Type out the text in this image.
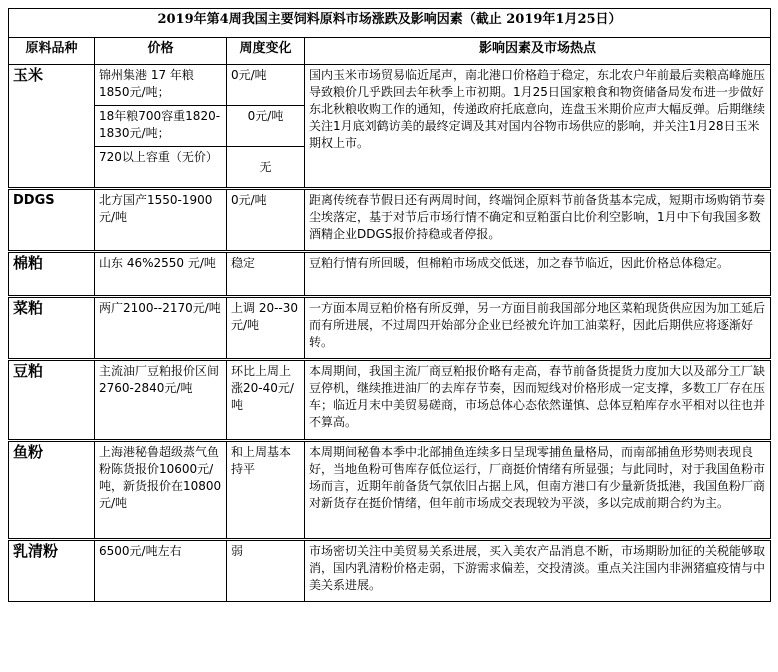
2019年第4周我国主要饲料原料市场涨跌及影响因素（截止 2019年1月25日）			
原料品种	价格	周度变化	影响因素及市场热点
玉米	锦州集港 17 年粮1850元/吨；	0元/吨	国内玉米市场贸易临近尾声，南北港口价格趋于稳定，东北农户年前最后卖粮高峰施压导致粮价几乎跌回去年秋季上市初期。1月25日国家粮食和物资储备局发布进一步做好东北秋粮收购工作的通知，传递政府托底意向，连盘玉米期价应声大幅反弹。后期继续关注1月底刘鹤访美的最终定调及其对国内谷物市场供应的影响，并关注1月28日玉米期权上市。
	18年粮700容重1820-1830元/吨；	0元/吨	
	720以上容重（无价）	无	
DDGS	北方国产1550-1900元/吨	0元/吨	距离传统春节假日还有两周时间，终端饲企原料节前备货基本完成，短期市场购销节奏尘埃落定，基于对节后市场行情不确定和豆粕蛋白比价利空影响，1月中下旬我国多数酒精企业DDGS报价持稳或者停报。
棉粕	山东 46%2550 元/吨	稳定	豆粕行情有所回暖，但棉粕市场成交低迷，加之春节临近，因此价格总体稳定。
菜粕	两广2100--2170元/吨	上调 20--30元/吨	一方面本周豆粕价格有所反弹，另一方面目前我国部分地区菜粕现货供应因为加工延后而有所进展，不过周四开始部分企业已经被允许加工油菜籽，因此后期供应将逐渐好转。
豆粕	主流油厂豆粕报价区间2760-2840元/吨	环比上周上涨20-40元/吨	本周期间，我国主流厂商豆粕报价略有走高，春节前备货提货力度加大以及部分工厂缺豆停机，继续推进油厂的去库存节奏，因而短线对价格形成一定支撑，多数工厂存在压车；临近月末中美贸易磋商，市场总体心态依然谨慎、总体豆粕库存水平相对以往也并不算高。
鱼粉	上海港秘鲁超级蒸气鱼粉陈货报价10600元/吨，新货报价在10800元/吨	和上周基本持平	本周期间秘鲁本季中北部捕鱼连续多日呈现零捕鱼量格局，而南部捕鱼形势则表现良好，当地鱼粉可售库存低位运行，厂商挺价情绪有所显强；与此同时，对于我国鱼粉市场而言，近期年前备货气氛依旧占据上风，但南方港口有少量新货抵港，我国鱼粉厂商对新货存在挺价情绪，但年前市场成交表现较为平淡，多以完成前期合约为主。
乳清粉	6500元/吨左右	弱	市场密切关注中美贸易关系进展，买入美农产品消息不断，市场期盼加征的关税能够取消，国内乳清粉价格走弱，下游需求偏差，交投清淡。重点关注国内非洲猪瘟疫情与中美关系进展。
